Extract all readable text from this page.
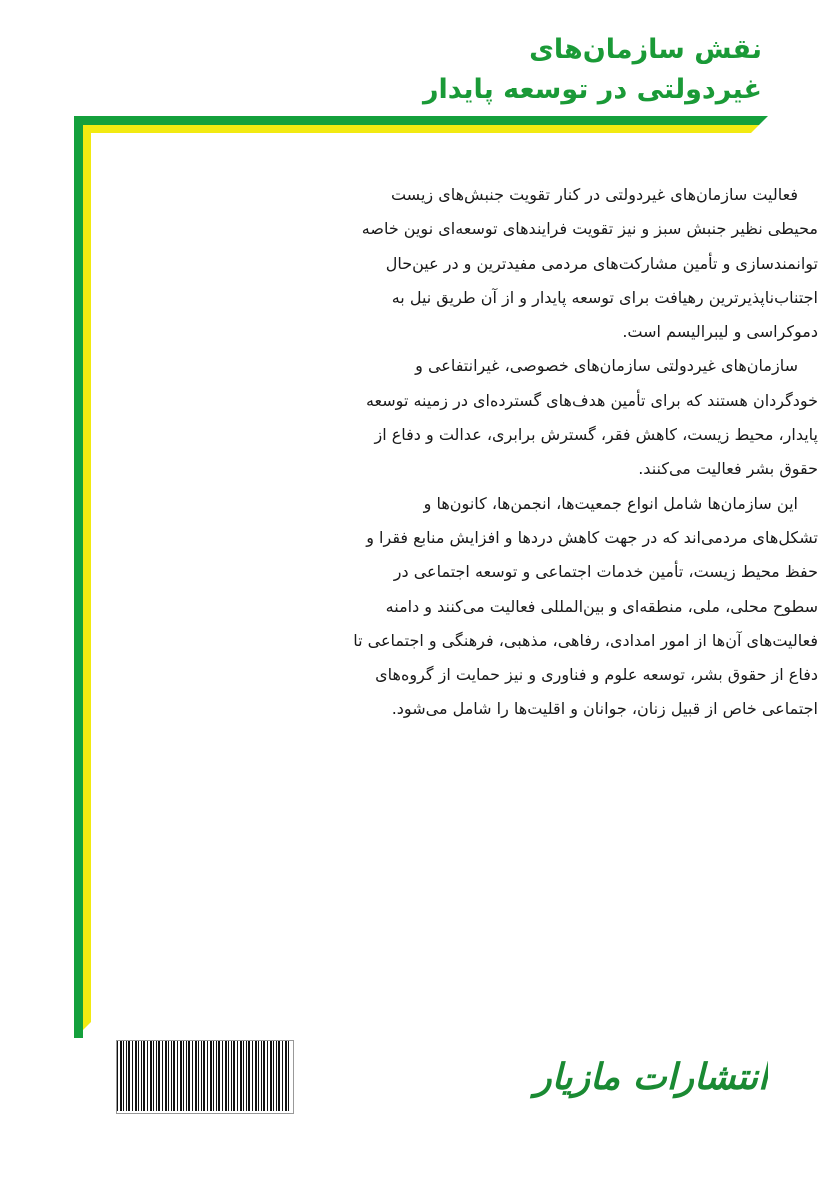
نقش سازمان‌های
غیردولتی در توسعه پایدار
فعالیت سازمان‌های غیردولتی در کنار تقویت جنبش‌های زیست
محیطی نظیر جنبش سبز و نیز تقویت فرایندهای توسعه‌ای نوین خاصه
توانمندسازی و تأمین مشارکت‌های مردمی مفیدترین و در عین‌حال
اجتناب‌ناپذیرترین رهیافت برای توسعه پایدار و از آن طریق نیل به
دموکراسی و لیبرالیسم است.
سازمان‌های غیردولتی سازمان‌های خصوصی، غیرانتفاعی و
خودگردان هستند که برای تأمین هدف‌های گسترده‌ای در زمینه توسعه
پایدار، محیط زیست، کاهش فقر، گسترش برابری، عدالت و دفاع از
حقوق بشر فعالیت می‌کنند.
این سازمان‌ها شامل انواع جمعیت‌ها، انجمن‌ها، کانون‌ها و
تشکل‌های مردمی‌اند که در جهت کاهش دردها و افزایش منابع فقرا و
حفظ محیط زیست، تأمین خدمات اجتماعی و توسعه اجتماعی در
سطوح محلی، ملی، منطقه‌ای و بین‌المللی فعالیت می‌کنند و دامنه
فعالیت‌های آن‌ها از امور امدادی، رفاهی، مذهبی، فرهنگی و اجتماعی تا
دفاع از حقوق بشر، توسعه علوم و فناوری و نیز حمایت از گروه‌های
اجتماعی خاص از قبیل زنان، جوانان و اقلیت‌ها را شامل می‌شود.
انتشارات مازیار
